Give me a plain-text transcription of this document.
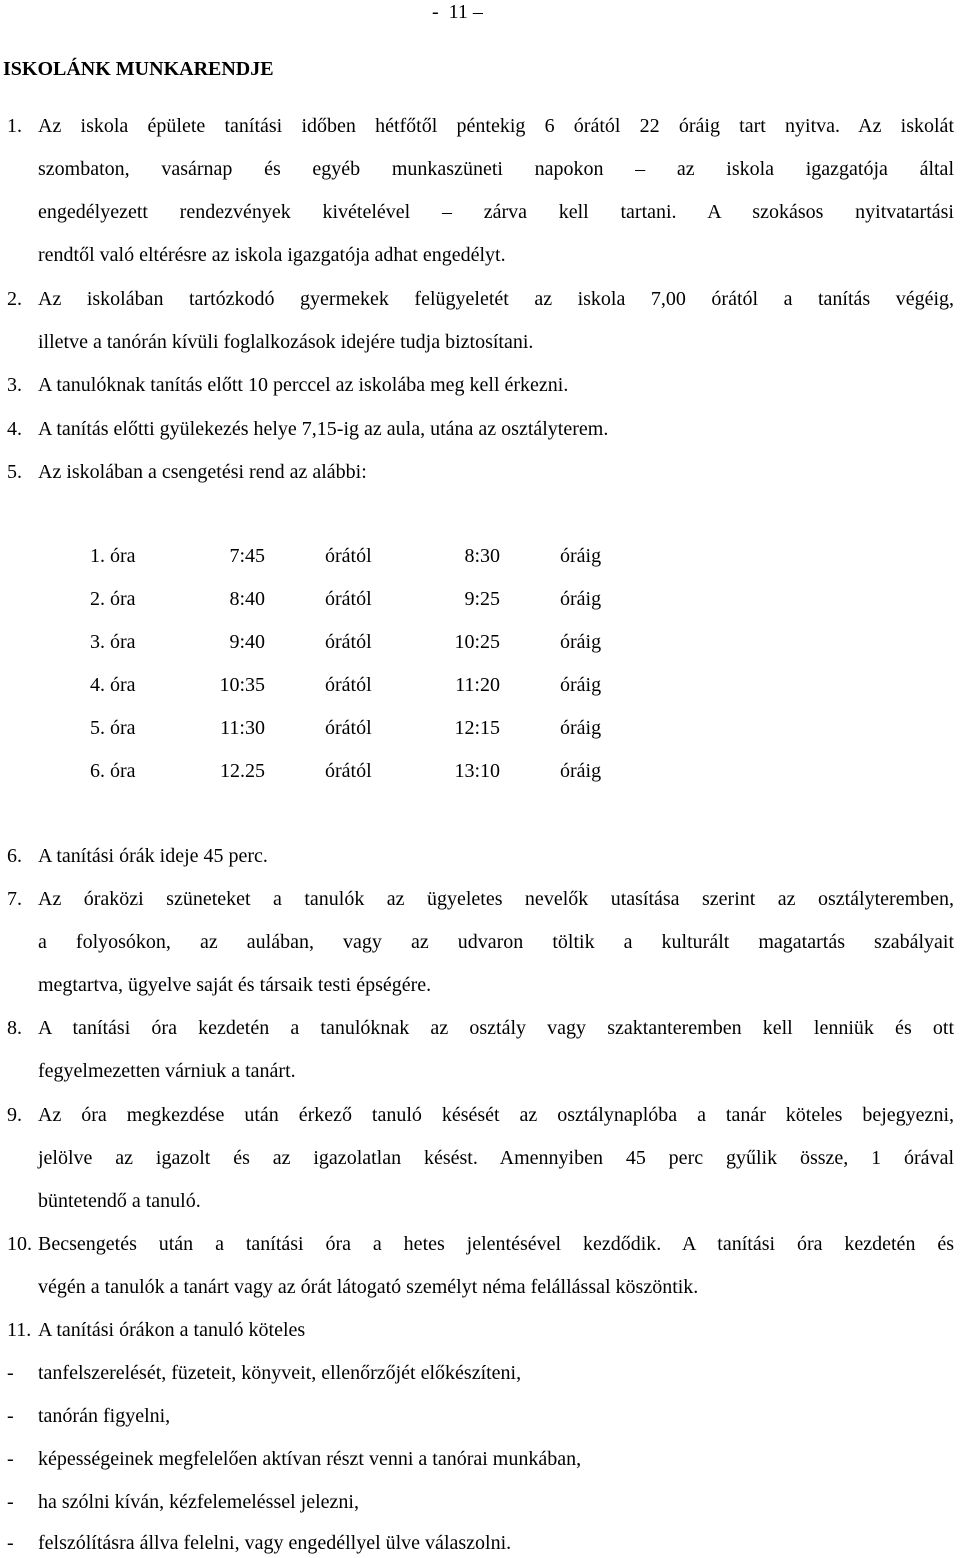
-  11 –
ISKOLÁNK MUNKARENDJE
1. Az iskola épülete tanítási időben hétfőtől péntekig 6 órától 22 óráig tart nyitva. Az iskolát
szombaton, vasárnap és egyéb munkaszüneti napokon – az iskola igazgatója által
engedélyezett rendezvények kivételével – zárva kell tartani. A szokásos nyitvatartási
rendtől való eltérésre az iskola igazgatója adhat engedélyt.
2. Az iskolában tartózkodó gyermekek felügyeletét az iskola 7,00 órától a tanítás végéig,
illetve a tanórán kívüli foglalkozások idejére tudja biztosítani.
3. A tanulóknak tanítás előtt 10 perccel az iskolába meg kell érkezni.
4. A tanítás előtti gyülekezés helye 7,15-ig az aula, utána az osztályterem.
5. Az iskolában a csengetési rend az alábbi:
1. óra	7:45	órától	8:30	óráig
2. óra	8:40	órától	9:25	óráig
3. óra	9:40	órától	10:25	óráig
4. óra	10:35	órától	11:20	óráig
5. óra	11:30	órától	12:15	óráig
6. óra	12.25	órától	13:10	óráig
6. A tanítási órák ideje 45 perc.
7. Az óraközi szüneteket a tanulók az ügyeletes nevelők utasítása szerint az osztályteremben,
a folyosókon, az aulában, vagy az udvaron töltik a kulturált magatartás szabályait
megtartva, ügyelve saját és társaik testi épségére.
8. A tanítási óra kezdetén a tanulóknak az osztály vagy szaktanteremben kell lenniük és ott
fegyelmezetten várniuk a tanárt.
9. Az óra megkezdése után érkező tanuló késését az osztálynaplóba a tanár köteles bejegyezni,
jelölve az igazolt és az igazolatlan késést. Amennyiben 45 perc gyűlik össze, 1 órával
büntetendő a tanuló.
10. Becsengetés után a tanítási óra a hetes jelentésével kezdődik. A tanítási óra kezdetén és
végén a tanulók a tanárt vagy az órát látogató személyt néma felállással köszöntik.
11. A tanítási órákon a tanuló köteles
- tanfelszerelését, füzeteit, könyveit, ellenőrzőjét előkészíteni,
- tanórán figyelni,
- képességeinek megfelelően aktívan részt venni a tanórai munkában,
- ha szólni kíván, kézfelemeléssel jelezni,
- felszólításra állva felelni, vagy engedéllyel ülve válaszolni.
